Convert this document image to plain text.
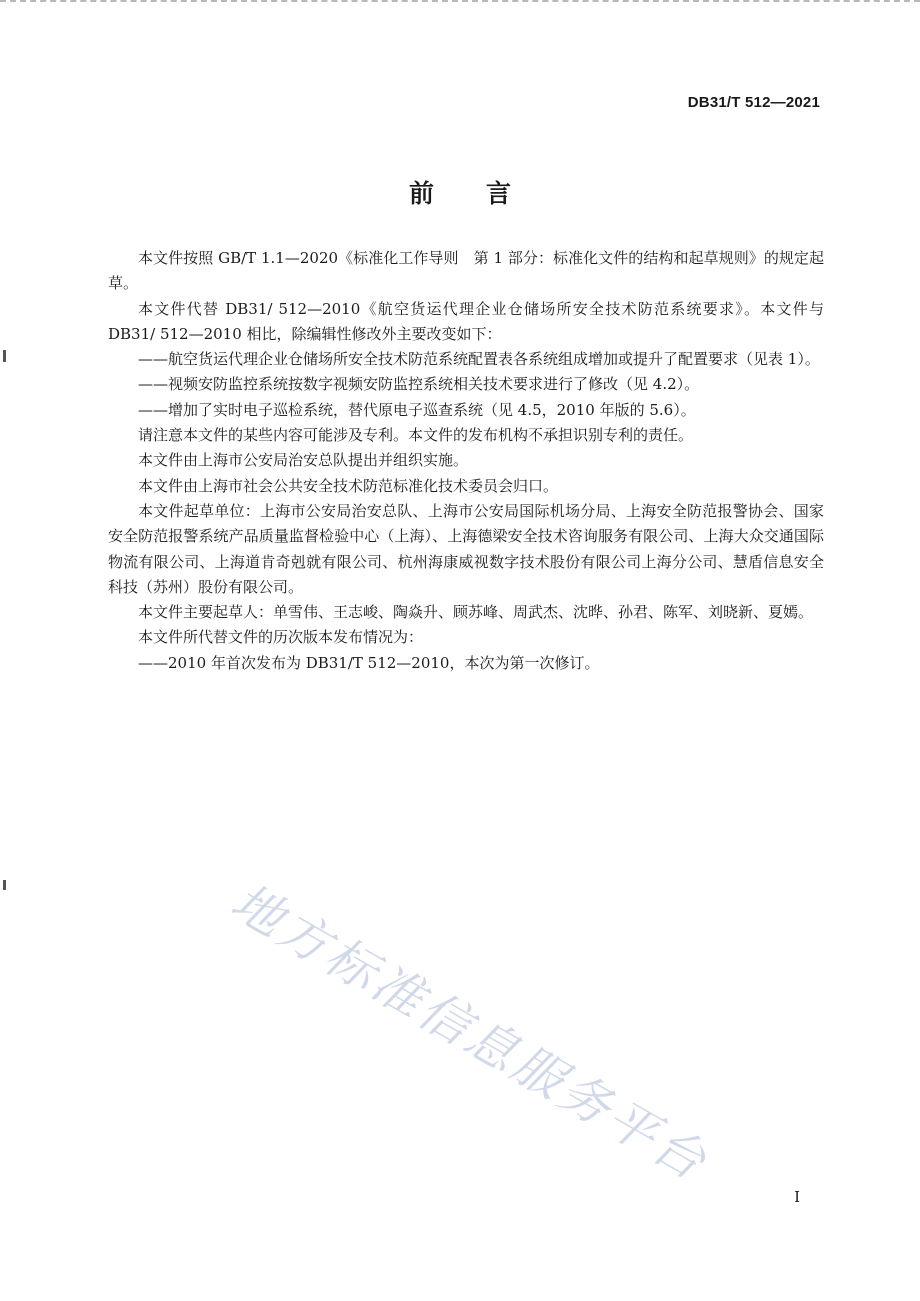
DB31/T 512—2021
前言

本文件按照 GB/T 1.1—2020《标准化工作导则　第 1 部分：标准化文件的结构和起草规则》的规定起草。

本文件代替 DB31/ 512—2010《航空货运代理企业仓储场所安全技术防范系统要求》。本文件与 DB31/ 512—2010 相比，除编辑性修改外主要改变如下：

——航空货运代理企业仓储场所安全技术防范系统配置表各系统组成增加或提升了配置要求（见表 1）。

——视频安防监控系统按数字视频安防监控系统相关技术要求进行了修改（见 4.2）。

——增加了实时电子巡检系统，替代原电子巡查系统（见 4.5，2010 年版的 5.6）。

请注意本文件的某些内容可能涉及专利。本文件的发布机构不承担识别专利的责任。

本文件由上海市公安局治安总队提出并组织实施。

本文件由上海市社会公共安全技术防范标准化技术委员会归口。

本文件起草单位：上海市公安局治安总队、上海市公安局国际机场分局、上海安全防范报警协会、国家安全防范报警系统产品质量监督检验中心（上海）、上海德梁安全技术咨询服务有限公司、上海大众交通国际物流有限公司、上海道肯奇剋就有限公司、杭州海康威视数字技术股份有限公司上海分公司、慧盾信息安全科技（苏州）股份有限公司。

本文件主要起草人：单雪伟、王志峻、陶焱升、顾苏峰、周武杰、沈晔、孙君、陈军、刘晓新、夏嫣。

本文件所代替文件的历次版本发布情况为：

——2010 年首次发布为 DB31/T 512—2010，本次为第一次修订。

地方标准信息服务平台
I
